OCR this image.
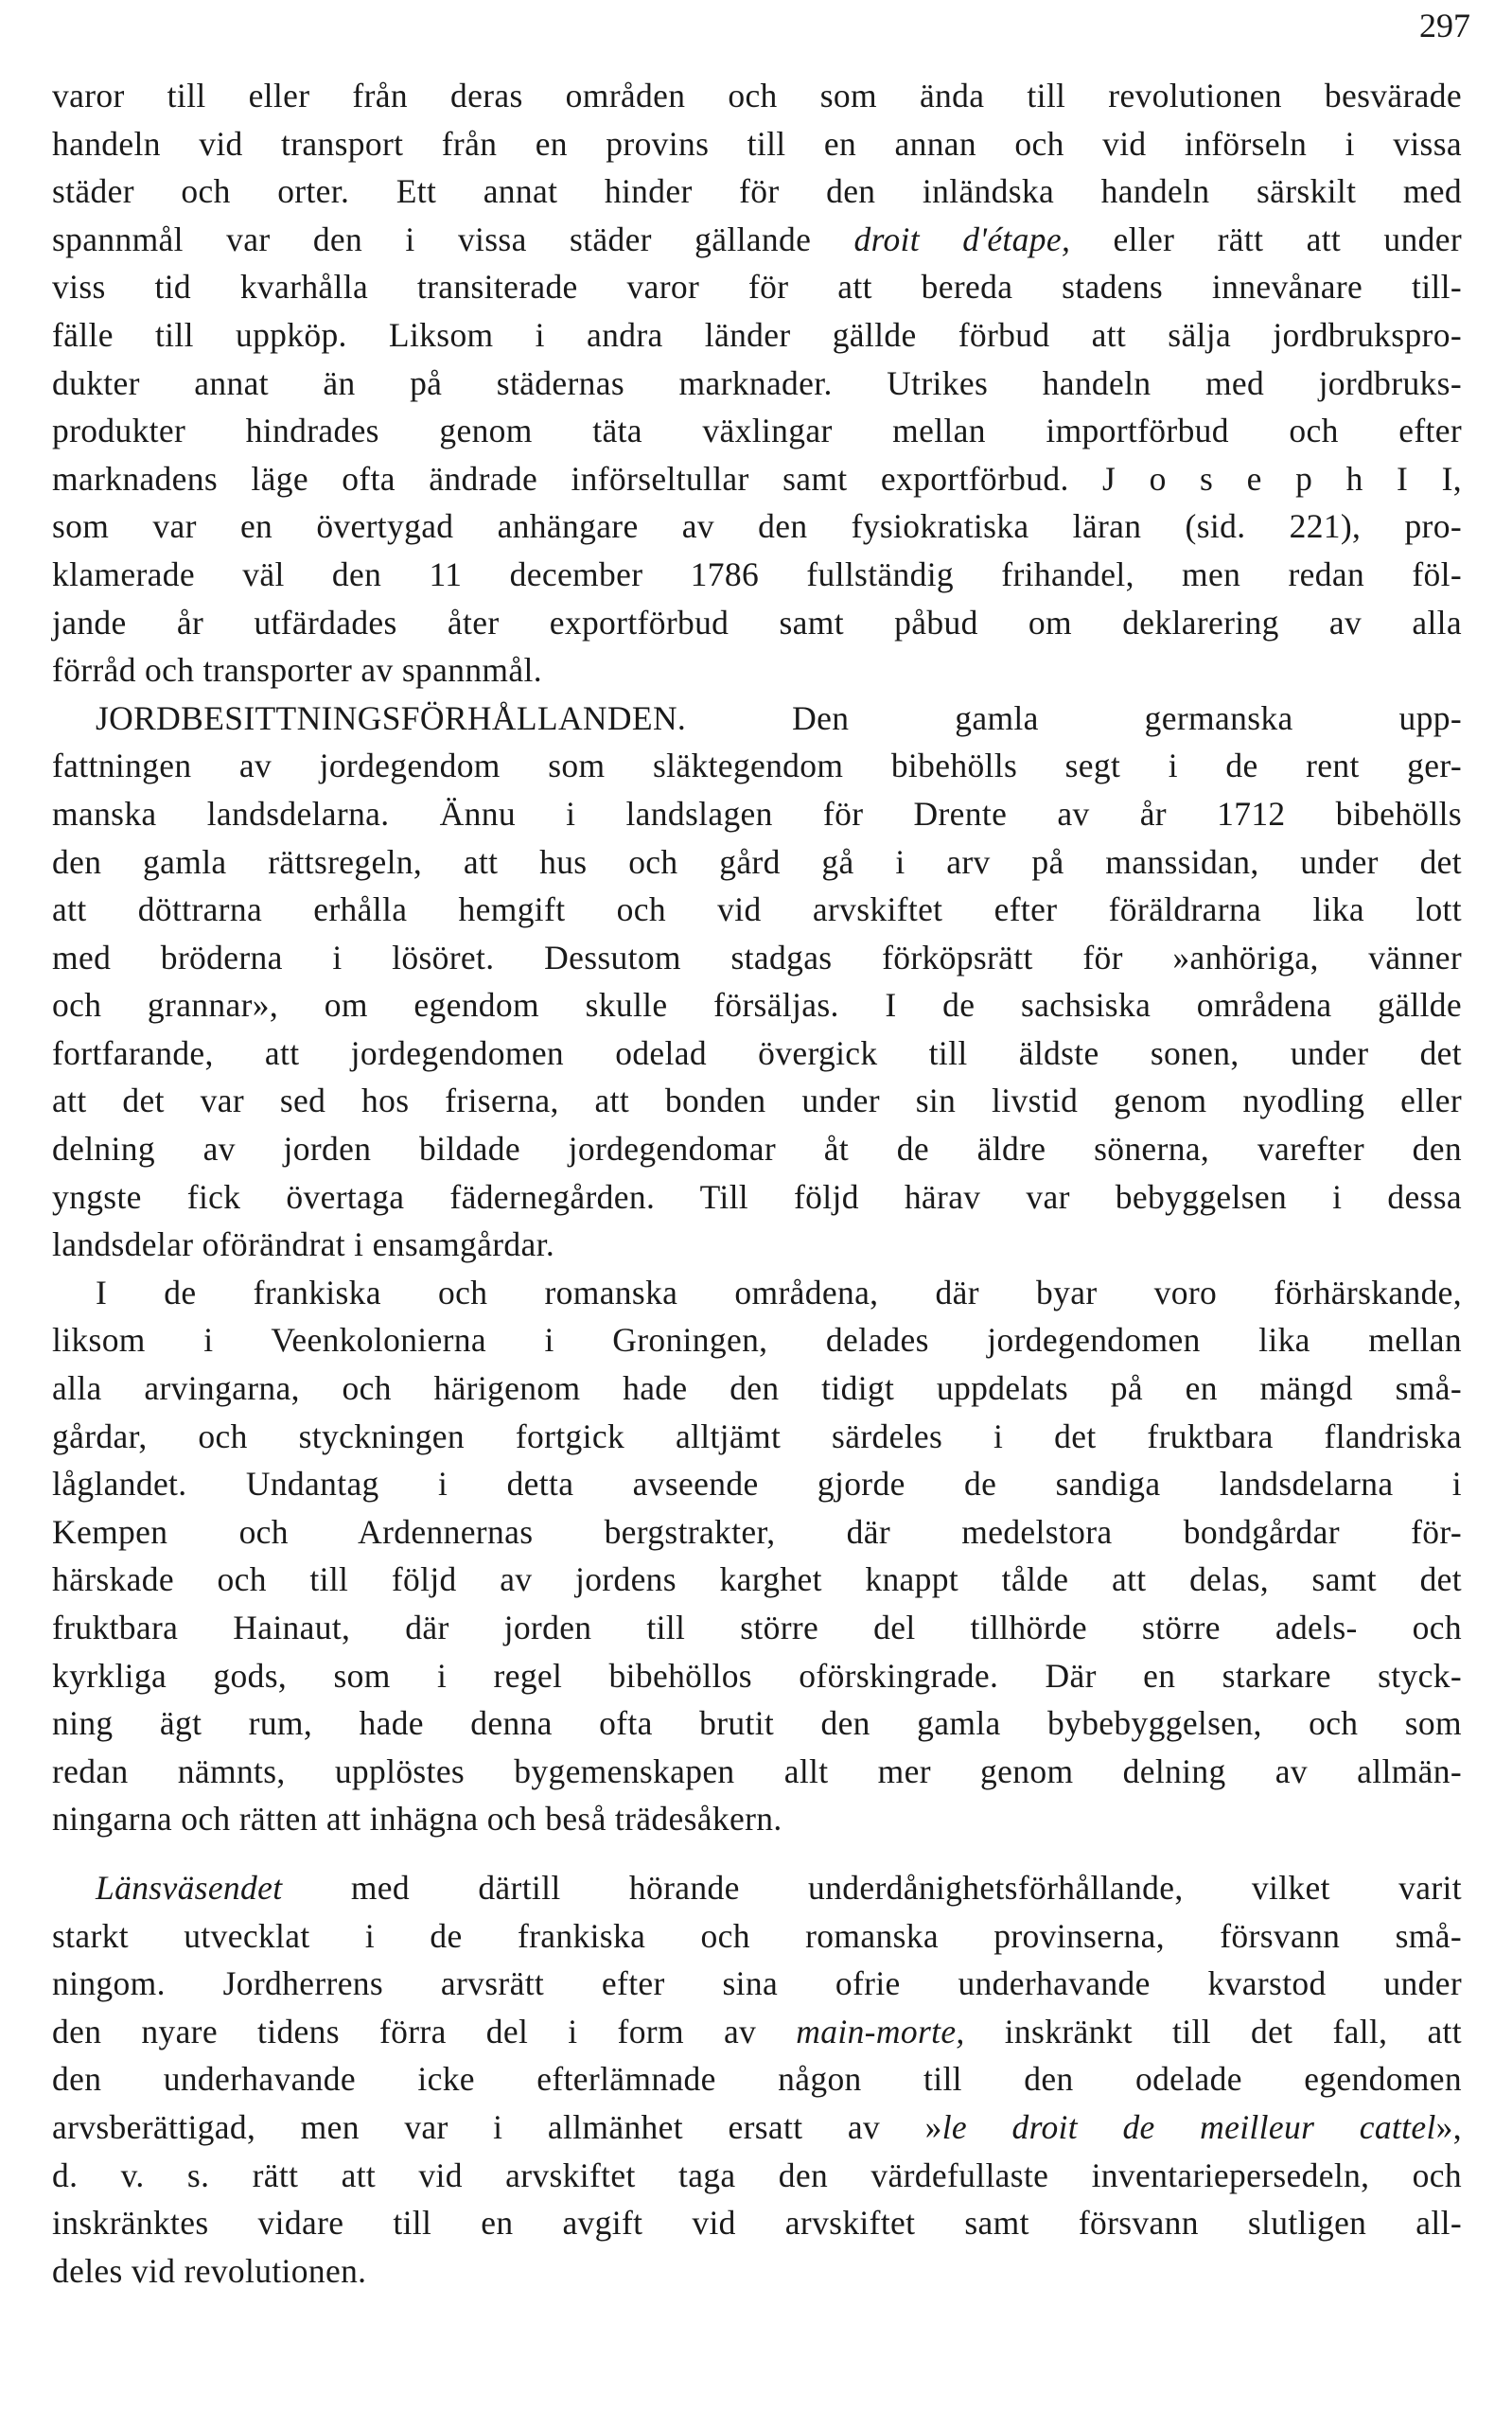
297
varor till eller från deras områden och som ända till revolutionen besvärade
handeln vid transport från en provins till en annan och vid införseln i vissa
städer och orter. Ett annat hinder för den inländska handeln särskilt med
spannmål var den i vissa städer gällande droit d'étape, eller rätt att under
viss tid kvarhålla transiterade varor för att bereda stadens innevånare till-
fälle till uppköp. Liksom i andra länder gällde förbud att sälja jordbrukspro-
dukter annat än på städernas marknader. Utrikes handeln med jordbruks-
produkter hindrades genom täta växlingar mellan importförbud och efter
marknadens läge ofta ändrade införseltullar samt exportförbud. J o s e p h I I,
som var en övertygad anhängare av den fysiokratiska läran (sid. 221), pro-
klamerade väl den 11 december 1786 fullständig frihandel, men redan föl-
jande år utfärdades åter exportförbud samt påbud om deklarering av alla
förråd och transporter av spannmål.
JORDBESITTNINGSFÖRHÅLLANDEN. Den gamla germanska upp-
fattningen av jordegendom som släktegendom bibehölls segt i de rent ger-
manska landsdelarna. Ännu i landslagen för Drente av år 1712 bibehölls
den gamla rättsregeln, att hus och gård gå i arv på manssidan, under det
att döttrarna erhålla hemgift och vid arvskiftet efter föräldrarna lika lott
med bröderna i lösöret. Dessutom stadgas förköpsrätt för »anhöriga, vänner
och grannar», om egendom skulle försäljas. I de sachsiska områdena gällde
fortfarande, att jordegendomen odelad övergick till äldste sonen, under det
att det var sed hos friserna, att bonden under sin livstid genom nyodling eller
delning av jorden bildade jordegendomar åt de äldre sönerna, varefter den
yngste fick övertaga fädernegården. Till följd härav var bebyggelsen i dessa
landsdelar oförändrat i ensamgårdar.
I de frankiska och romanska områdena, där byar voro förhärskande,
liksom i Veenkolonierna i Groningen, delades jordegendomen lika mellan
alla arvingarna, och härigenom hade den tidigt uppdelats på en mängd små-
gårdar, och styckningen fortgick alltjämt särdeles i det fruktbara flandriska
låglandet. Undantag i detta avseende gjorde de sandiga landsdelarna i
Kempen och Ardennernas bergstrakter, där medelstora bondgårdar för-
härskade och till följd av jordens karghet knappt tålde att delas, samt det
fruktbara Hainaut, där jorden till större del tillhörde större adels- och
kyrkliga gods, som i regel bibehöllos oförskingrade. Där en starkare styck-
ning ägt rum, hade denna ofta brutit den gamla bybebyggelsen, och som
redan nämnts, upplöstes bygemenskapen allt mer genom delning av allmän-
ningarna och rätten att inhägna och beså trädesåkern.
Länsväsendet med därtill hörande underdånighetsförhållande, vilket varit
starkt utvecklat i de frankiska och romanska provinserna, försvann små-
ningom. Jordherrens arvsrätt efter sina ofrie underhavande kvarstod under
den nyare tidens förra del i form av main-morte, inskränkt till det fall, att
den underhavande icke efterlämnade någon till den odelade egendomen
arvsberättigad, men var i allmänhet ersatt av »le droit de meilleur cattel»,
d. v. s. rätt att vid arvskiftet taga den värdefullaste inventariepersedeln, och
inskränktes vidare till en avgift vid arvskiftet samt försvann slutligen all-
deles vid revolutionen.
